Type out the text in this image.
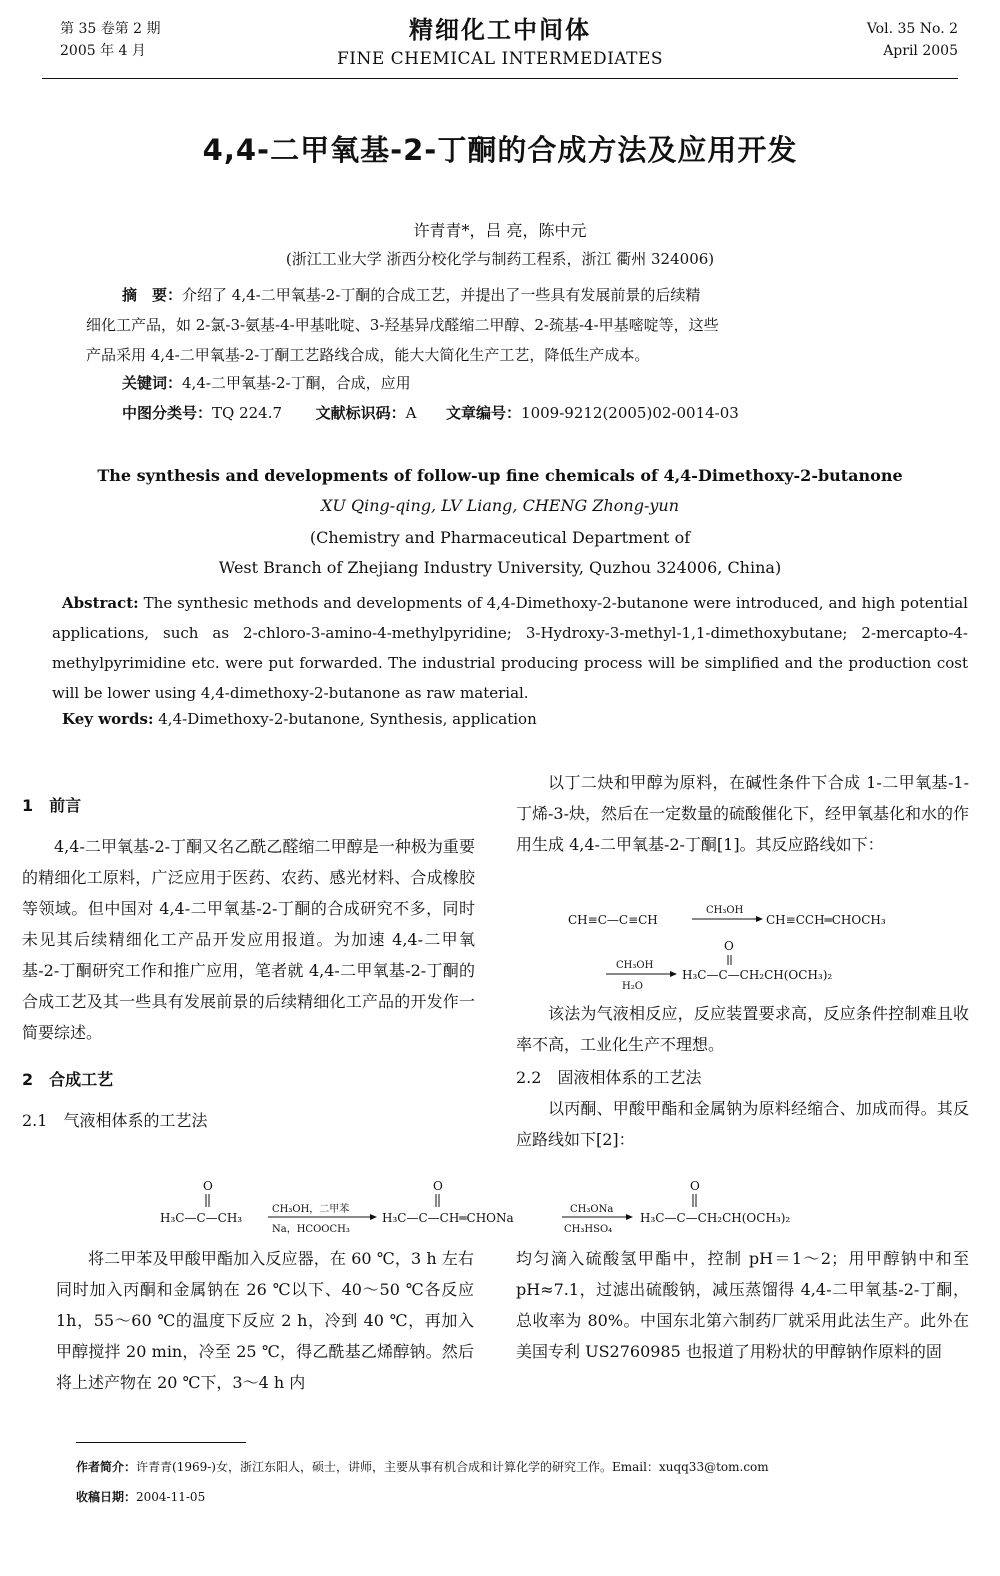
第 35 卷第 2 期
2005 年 4 月
精细化工中间体
FINE CHEMICAL INTERMEDIATES
Vol. 35 No. 2
April 2005
4,4-二甲氧基-2-丁酮的合成方法及应用开发
许青青*，吕 亮，陈中元
(浙江工业大学 浙西分校化学与制药工程系，浙江 衢州 324006)

摘　要：介绍了 4,4-二甲氧基-2-丁酮的合成工艺，并提出了一些具有发展前景的后续精

细化工产品，如 2-氯-3-氨基-4-甲基吡啶、3-羟基异戊醛缩二甲醇、2-巯基-4-甲基嘧啶等，这些

产品采用 4,4-二甲氧基-2-丁酮工艺路线合成，能大大简化生产工艺，降低生产成本。

关键词：4,4-二甲氧基-2-丁酮，合成，应用
中图分类号：TQ 224.7 文献标识码：A 文章编号：1009-9212(2005)02-0014-03
The synthesis and developments of follow-up fine chemicals of 4,4-Dimethoxy-2-butanone
XU Qing-qing, LV Liang, CHENG Zhong-yun
(Chemistry and Pharmaceutical Department of
West Branch of Zhejiang Industry University, Quzhou 324006, China)
Abstract: The synthesic methods and developments of 4,4-Dimethoxy-2-butanone were introduced, and high potential applications, such as 2-chloro-3-amino-4-methylpyridine; 3-Hydroxy-3-methyl-1,1-dimethoxybutane; 2-mercapto-4-methylpyrimidine etc. were put forwarded. The industrial producing process will be simplified and the production cost will be lower using 4,4-dimethoxy-2-butanone as raw material.
Key words: 4,4-Dimethoxy-2-butanone, Synthesis, application

1　前言

4,4-二甲氧基-2-丁酮又名乙酰乙醛缩二甲醇是一种极为重要的精细化工原料，广泛应用于医药、农药、感光材料、合成橡胶等领域。但中国对 4,4-二甲氧基-2-丁酮的合成研究不多，同时未见其后续精细化工产品开发应用报道。为加速 4,4-二甲氧基-2-丁酮研究工作和推广应用，笔者就 4,4-二甲氧基-2-丁酮的合成工艺及其一些具有发展前景的后续精细化工产品的开发作一简要综述。

2　合成工艺

2.1　气液相体系的工艺法

以丁二炔和甲醇为原料，在碱性条件下合成 1-二甲氧基-1-丁烯-3-炔，然后在一定数量的硫酸催化下，经甲氧基化和水的作用生成 4,4-二甲氧基-2-丁酮[1]。其反应路线如下：

CH≡C—C≡CH
CH₃OH
CH≡CCH═CHOCH₃
O
CH₃OH
H₂O
H₃C—C—CH₂CH(OCH₃)₂

该法为气液相反应，反应装置要求高，反应条件控制难且收率不高，工业化生产不理想。

2.2　固液相体系的工艺法

以丙酮、甲酸甲酯和金属钠为原料经缩合、加成而得。其反应路线如下[2]：

O
H₃C—C—CH₃
CH₃OH，二甲苯
Na，HCOOCH₃
O
H₃C—C—CH═CHONa
CH₃ONa
CH₃HSO₄
O
H₃C—C—CH₂CH(OCH₃)₂

将二甲苯及甲酸甲酯加入反应器，在 60 ℃，3 h 左右同时加入丙酮和金属钠在 26 ℃以下、40～50 ℃各反应 1h，55～60 ℃的温度下反应 2 h，冷到 40 ℃，再加入甲醇搅拌 20 min，冷至 25 ℃，得乙酰基乙烯醇钠。然后将上述产物在 20 ℃下，3～4 h 内

均匀滴入硫酸氢甲酯中，控制 pH＝1～2；用甲醇钠中和至 pH≈7.1，过滤出硫酸钠，减压蒸馏得 4,4-二甲氧基-2-丁酮，总收率为 80%。中国东北第六制药厂就采用此法生产。此外在美国专利 US2760985 也报道了用粉状的甲醇钠作原料的固

作者简介：许青青(1969-)女，浙江东阳人，硕士，讲师，主要从事有机合成和计算化学的研究工作。Email：xuqq33@tom.com
收稿日期：2004-11-05
